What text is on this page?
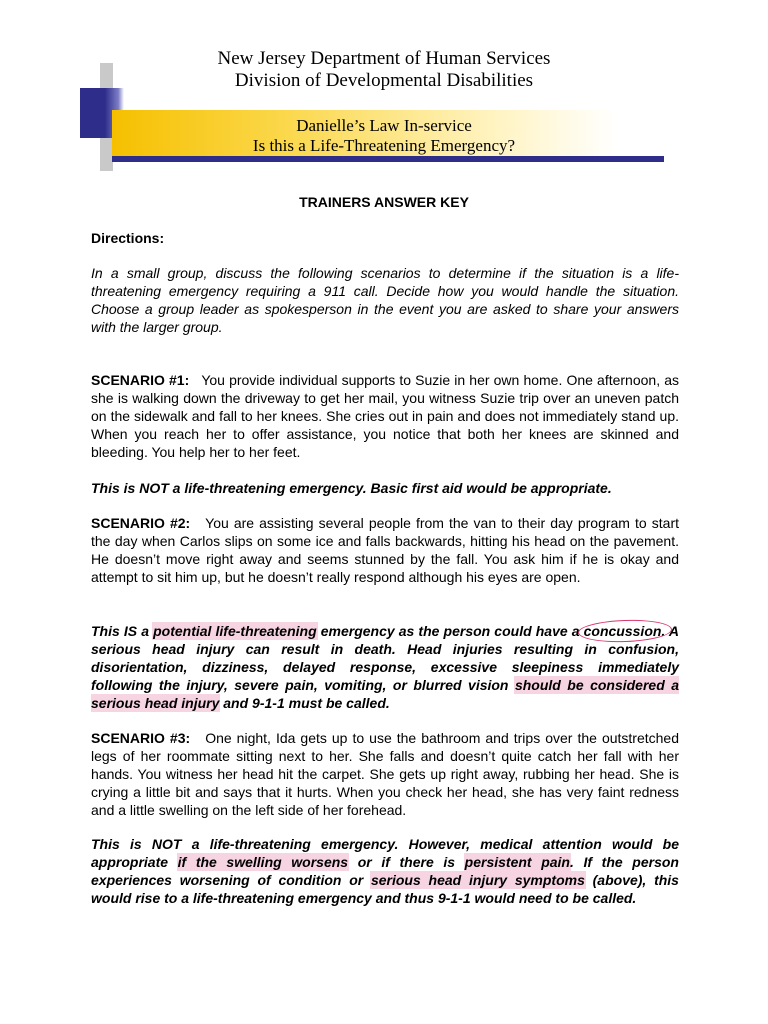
New Jersey Department of Human Services
Division of Developmental Disabilities
Danielle’s Law In-service
Is this a Life-Threatening Emergency?
TRAINERS ANSWER KEY
Directions:
In a small group, discuss the following scenarios to determine if the situation is a life-threatening emergency requiring a 911 call. Decide how you would handle the situation. Choose a group leader as spokesperson in the event you are asked to share your answers with the larger group.
SCENARIO #1: You provide individual supports to Suzie in her own home. One afternoon, as she is walking down the driveway to get her mail, you witness Suzie trip over an uneven patch on the sidewalk and fall to her knees. She cries out in pain and does not immediately stand up. When you reach her to offer assistance, you notice that both her knees are skinned and bleeding. You help her to her feet.
This is NOT a life-threatening emergency. Basic first aid would be appropriate.
SCENARIO #2: You are assisting several people from the van to their day program to start the day when Carlos slips on some ice and falls backwards, hitting his head on the pavement. He doesn’t move right away and seems stunned by the fall. You ask him if he is okay and attempt to sit him up, but he doesn’t really respond although his eyes are open.
This IS a potential life-threatening emergency as the person could have a concussion. A serious head injury can result in death. Head injuries resulting in confusion, disorientation, dizziness, delayed response, excessive sleepiness immediately following the injury, severe pain, vomiting, or blurred vision should be considered a serious head injury and 9-1-1 must be called.
SCENARIO #3: One night, Ida gets up to use the bathroom and trips over the outstretched legs of her roommate sitting next to her. She falls and doesn’t quite catch her fall with her hands. You witness her head hit the carpet. She gets up right away, rubbing her head. She is crying a little bit and says that it hurts. When you check her head, she has very faint redness and a little swelling on the left side of her forehead.
This is NOT a life-threatening emergency. However, medical attention would be appropriate if the swelling worsens or if there is persistent pain. If the person experiences worsening of condition or serious head injury symptoms (above), this would rise to a life-threatening emergency and thus 9-1-1 would need to be called.
